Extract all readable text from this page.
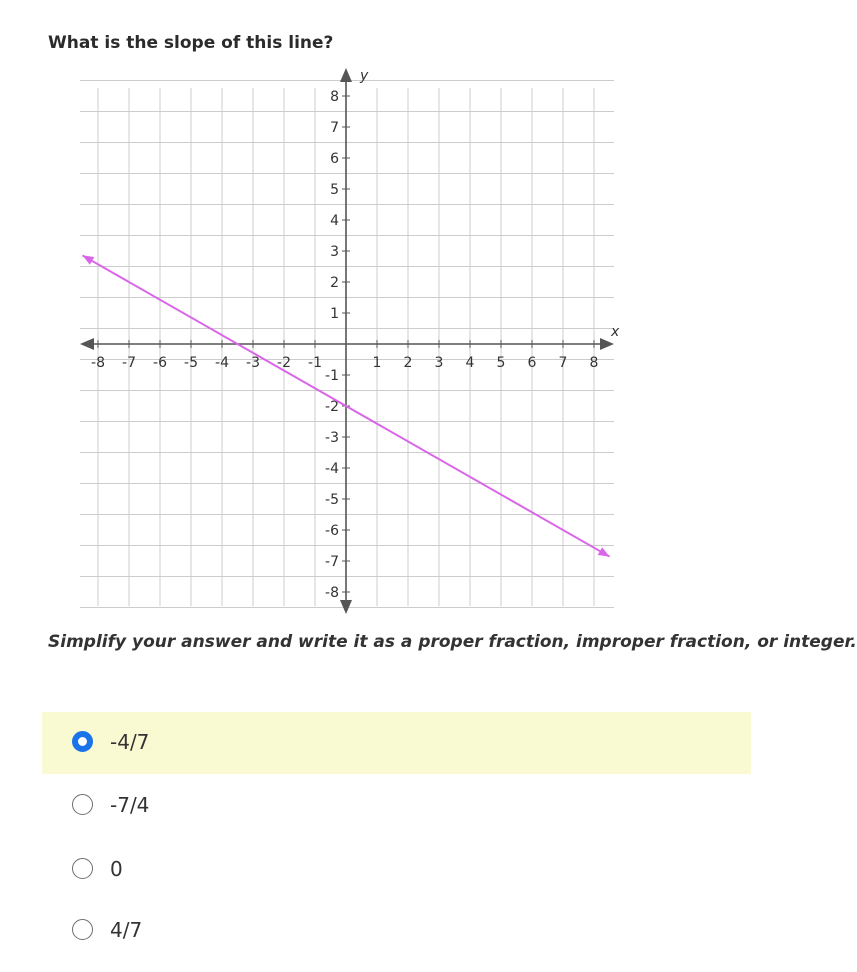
What is the slope of this line?
x
y
-8 -7 -6 -5 -4 -3 -2 -1	1 2 3 4 5 6 7 8
8
7
6
5
4
3
2
1
-1
-2
-3
-4
-5
-6
-7
-8
Simplify your answer and write it as a proper fraction, improper fraction, or integer.
-4/7
-7/4
0
4/7
